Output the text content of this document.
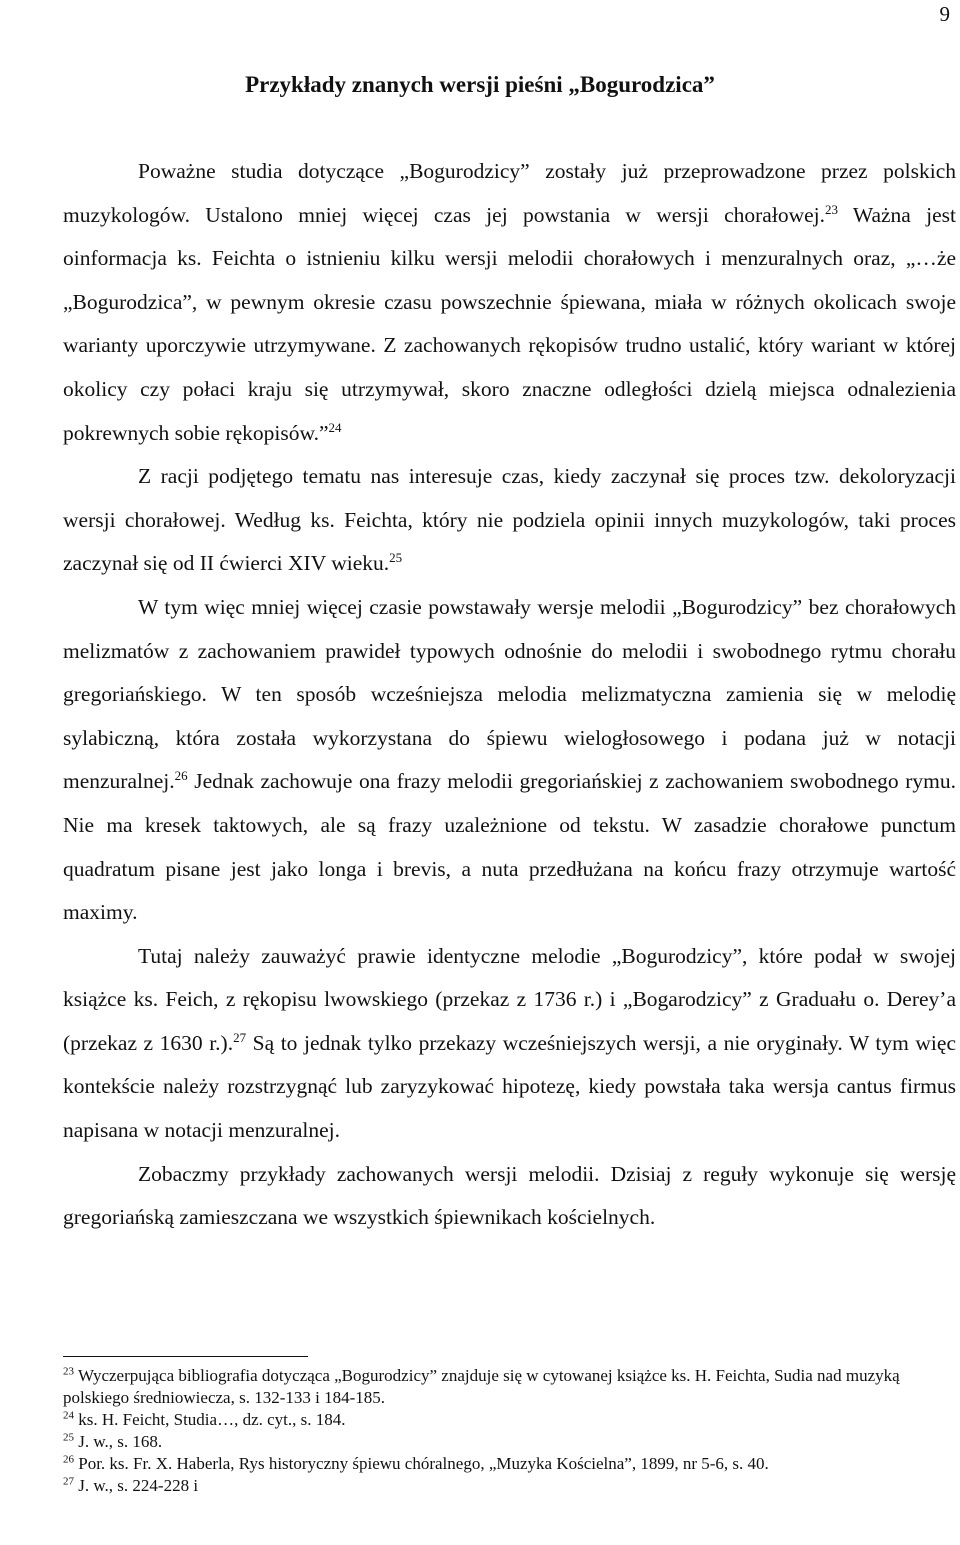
9
Przykłady znanych wersji pieśni „Bogurodzica”

Poważne studia dotyczące „Bogurodzicy” zostały już przeprowadzone przez polskich muzykologów. Ustalono mniej więcej czas jej powstania w wersji chorałowej.$^{23}$ Ważna jest oinformacja ks. Feichta o istnieniu kilku wersji melodii chorałowych i menzuralnych oraz, „…że „Bogurodzica”, w pewnym okresie czasu powszechnie śpiewana, miała w różnych okolicach swoje warianty uporczywie utrzymywane. Z zachowanych rękopisów trudno ustalić, który wariant w której okolicy czy połaci kraju się utrzymywał, skoro znaczne odległości dzielą miejsca odnalezienia pokrewnych sobie rękopisów.”$^{24}$

Z racji podjętego tematu nas interesuje czas, kiedy zaczynał się proces tzw. dekoloryzacji wersji chorałowej. Według ks. Feichta, który nie podziela opinii innych muzykologów, taki proces zaczynał się od II ćwierci XIV wieku.$^{25}$

W tym więc mniej więcej czasie powstawały wersje melodii „Bogurodzicy” bez chorałowych melizmatów z zachowaniem prawideł typowych odnośnie do melodii i swobodnego rytmu chorału gregoriańskiego. W ten sposób wcześniejsza melodia melizmatyczna zamienia się w melodię sylabiczną, która została wykorzystana do śpiewu wielogłosowego i podana już w notacji menzuralnej.$^{26}$ Jednak zachowuje ona frazy melodii gregoriańskiej z zachowaniem swobodnego rymu. Nie ma kresek taktowych, ale są frazy uzależnione od tekstu. W zasadzie chorałowe punctum quadratum pisane jest jako longa i brevis, a nuta przedłużana na końcu frazy otrzymuje wartość maximy.

Tutaj należy zauważyć prawie identyczne melodie „Bogurodzicy”, które podał w swojej książce ks. Feich, z rękopisu lwowskiego (przekaz z 1736 r.) i „Bogarodzicy” z Graduału o. Derey’a (przekaz z 1630 r.).$^{27}$ Są to jednak tylko przekazy wcześniejszych wersji, a nie oryginały. W tym więc kontekście należy rozstrzygnąć lub zaryzykować hipotezę, kiedy powstała taka wersja cantus firmus napisana w notacji menzuralnej.

Zobaczmy przykłady zachowanych wersji melodii. Dzisiaj z reguły wykonuje się wersję gregoriańską zamieszczana we wszystkich śpiewnikach kościelnych.

$^{23}$ Wyczerpująca bibliografia dotycząca „Bogurodzicy” znajduje się w cytowanej książce ks. H. Feichta, Sudia nad muzyką polskiego średniowiecza, s. 132-133 i 184-185.

$^{24}$ ks. H. Feicht, Studia…, dz. cyt., s. 184.

$^{25}$ J. w., s. 168.

$^{26}$ Por. ks. Fr. X. Haberla, Rys historyczny śpiewu chóralnego, „Muzyka Kościelna”, 1899, nr 5-6, s. 40.

$^{27}$ J. w., s. 224-228 i
